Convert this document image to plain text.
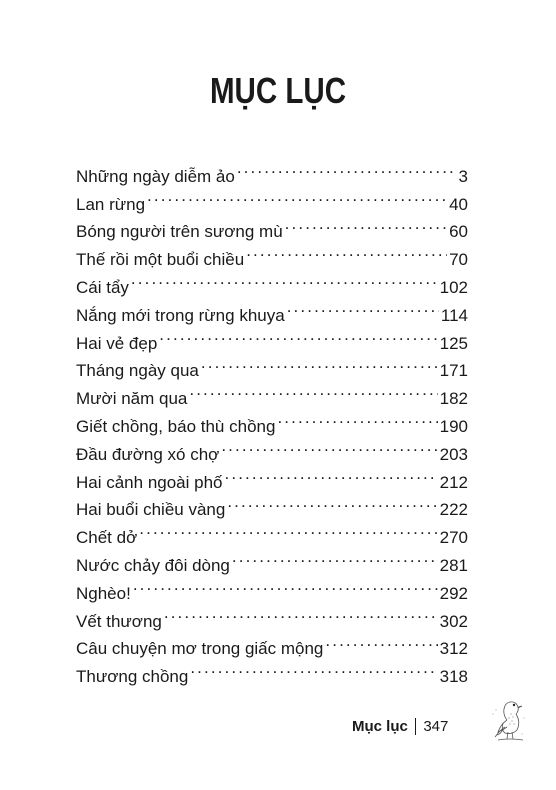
MỤC LỤC
Những ngày diễm ảo . . .	3
Lan rừng . . .	40
Bóng người trên sương mù . . .	60
Thế rồi một buổi chiều . . .	70
Cái tẩy . . .	102
Nắng mới trong rừng khuya . . .	114
Hai vẻ đẹp . . .	125
Tháng ngày qua . . .	171
Mười năm qua . . .	182
Giết chồng, báo thù chồng . . .	190
Đầu đường xó chợ . . .	203
Hai cảnh ngoài phố . . .	212
Hai buổi chiều vàng . . .	222
Chết dở . . .	270
Nước chảy đôi dòng . . .	281
Nghèo! . . .	292
Vết thương . . .	302
Câu chuyện mơ trong giấc mộng . . .	312
Thương chồng . . .	318
Mục lục 347
